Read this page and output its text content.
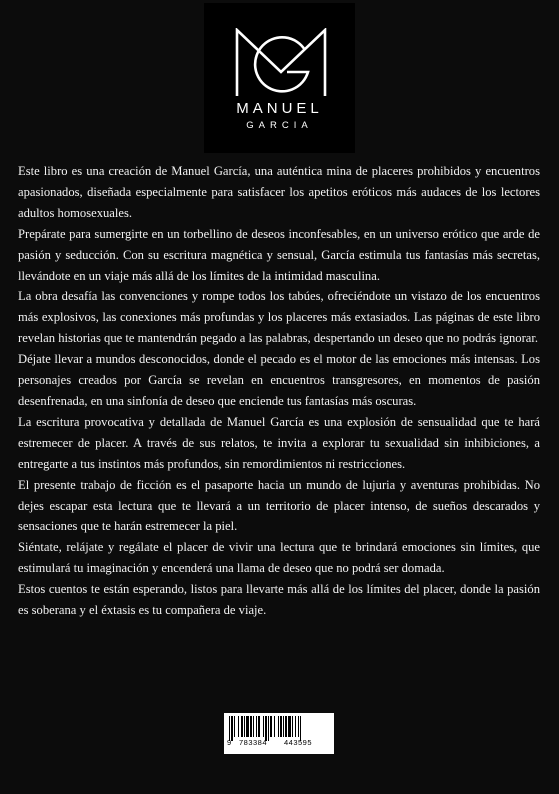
MANUEL
GARCIA

Este libro es una creación de Manuel García, una auténtica mina de placeres prohibidos y encuentros apasionados, diseñada especialmente para satisfacer los apetitos eróticos más audaces de los lectores adultos homosexuales.

Prepárate para sumergirte en un torbellino de deseos inconfesables, en un universo erótico que arde de pasión y seducción. Con su escritura magnética y sensual, García estimula tus fantasías más secretas, llevándote en un viaje más allá de los límites de la intimidad masculina.

La obra desafía las convenciones y rompe todos los tabúes, ofreciéndote un vistazo de los encuentros más explosivos, las conexiones más profundas y los placeres más extasiados. Las páginas de este libro revelan historias que te mantendrán pegado a las palabras, despertando un deseo que no podrás ignorar.

Déjate llevar a mundos desconocidos, donde el pecado es el motor de las emociones más intensas. Los personajes creados por García se revelan en encuentros transgresores, en momentos de pasión desenfrenada, en una sinfonía de deseo que enciende tus fantasías más oscuras.

La escritura provocativa y detallada de Manuel García es una explosión de sensualidad que te hará estremecer de placer. A través de sus relatos, te invita a explorar tu sexualidad sin inhibiciones, a entregarte a tus instintos más profundos, sin remordimientos ni restricciones.

El presente trabajo de ficción es el pasaporte hacia un mundo de lujuria y aventuras prohibidas. No dejes escapar esta lectura que te llevará a un territorio de placer intenso, de sueños descarados y sensaciones que te harán estremecer la piel.

Siéntate, relájate y regálate el placer de vivir una lectura que te brindará emociones sin límites, que estimulará tu imaginación y encenderá una llama de deseo que no podrá ser domada.

Estos cuentos te están esperando, listos para llevarte más allá de los límites del placer, donde la pasión es soberana y el éxtasis es tu compañera de viaje.

9 783384 443595
